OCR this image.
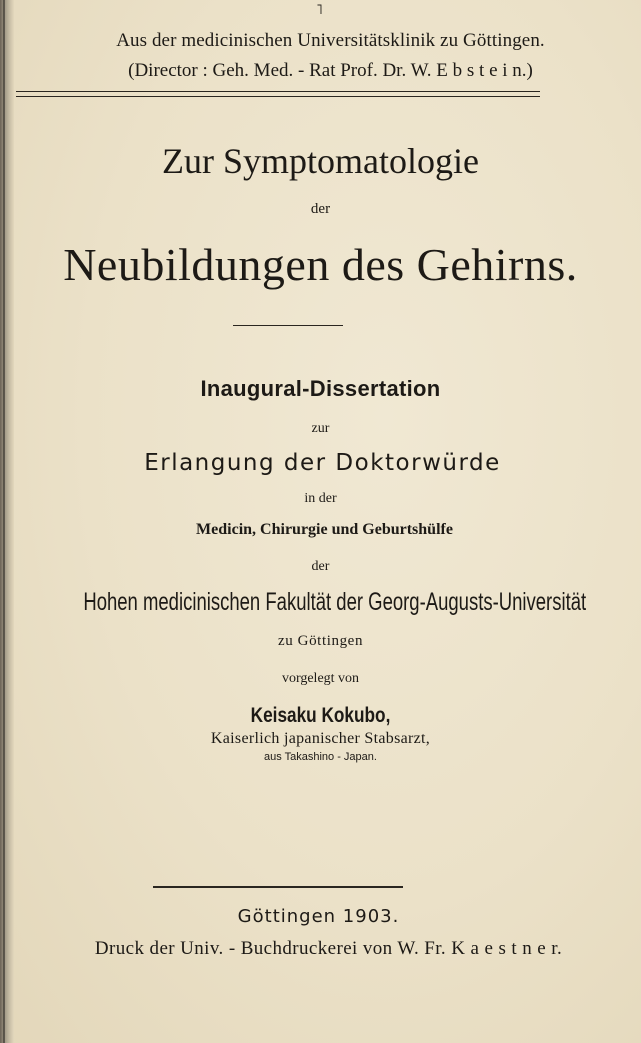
˥
Aus der medicinischen Universitätsklinik zu Göttingen.
(Director : Geh. Med. - Rat Prof. Dr. W. E b s t e i n.)
Zur Symptomatologie
der
Neubildungen des Gehirns.
Inaugural-Dissertation
zur
Erlangung der Doktorwürde
in der
Medicin, Chirurgie und Geburtshülfe
der
Hohen medicinischen Fakultät der Georg-Augusts-Universität
zu Göttingen
vorgelegt von
Keisaku Kokubo,
Kaiserlich japanischer Stabsarzt,
aus Takashino - Japan.
Göttingen 1903.
Druck der Univ. - Buchdruckerei von W. Fr. K a e s t n e r.
